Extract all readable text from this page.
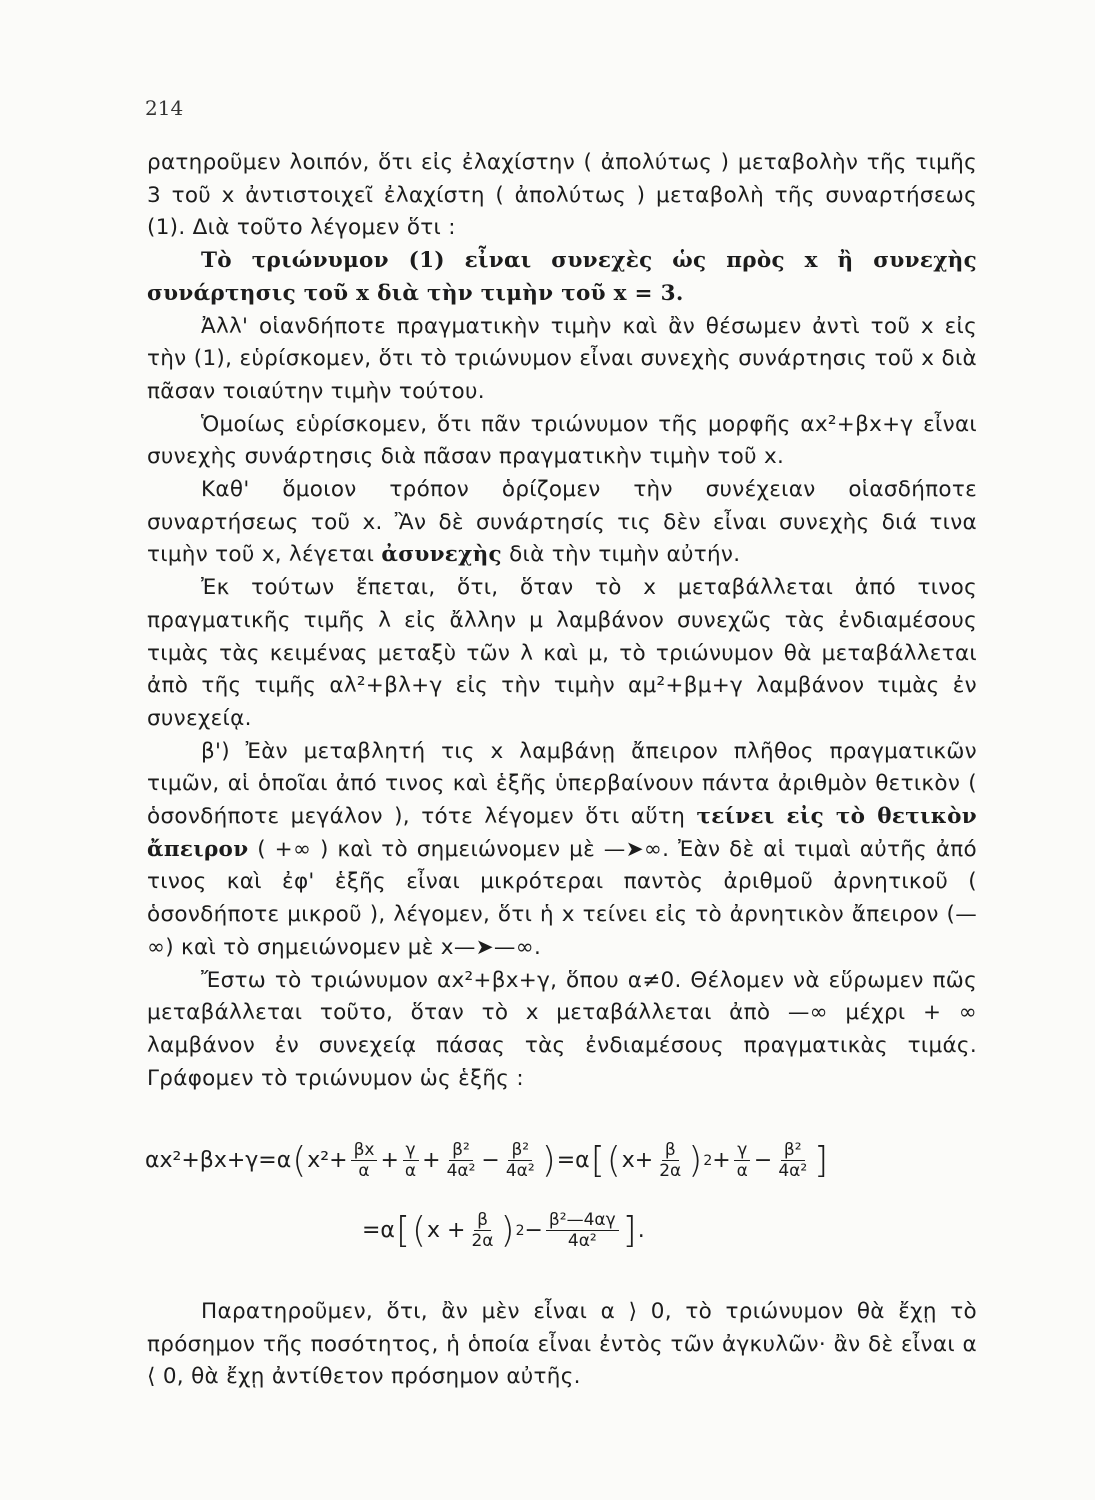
214

ρατηροῦμεν λοιπόν, ὅτι εἰς ἐλαχίστην ( ἀπολύτως ) μεταβολὴν τῆς τιμῆς 3 τοῦ x ἀντιστοιχεῖ ἐλαχίστη ( ἀπολύτως ) μεταβολὴ τῆς συναρτήσεως (1). Διὰ τοῦτο λέγομεν ὅτι :

Τὸ τριώνυμον (1) εἶναι συνεχὲς ὡς πρὸς x ἢ συνεχὴς συνάρτησις τοῦ x διὰ τὴν τιμὴν τοῦ x = 3.

Ἀλλ' οἱανδήποτε πραγματικὴν τιμὴν καὶ ἂν θέσωμεν ἀντὶ τοῦ x εἰς τὴν (1), εὑρίσκομεν, ὅτι τὸ τριώνυμον εἶναι συνεχὴς συνάρτησις τοῦ x διὰ πᾶσαν τοιαύτην τιμὴν τούτου.

Ὁμοίως εὑρίσκομεν, ὅτι πᾶν τριώνυμον τῆς μορφῆς αx²+βx+γ εἶναι συνεχὴς συνάρτησις διὰ πᾶσαν πραγματικὴν τιμὴν τοῦ x.

Καθ' ὅμοιον τρόπον ὁρίζομεν τὴν συνέχειαν οἱασδήποτε συναρτήσεως τοῦ x. Ἂν δὲ συνάρτησίς τις δὲν εἶναι συνεχὴς διά τινα τιμὴν τοῦ x, λέγεται ἀσυνεχὴς διὰ τὴν τιμὴν αὐτήν.

Ἐκ τούτων ἕπεται, ὅτι, ὅταν τὸ x μεταβάλλεται ἀπό τινος πραγματικῆς τιμῆς λ εἰς ἄλλην μ λαμβάνον συνεχῶς τὰς ἐνδιαμέσους τιμὰς τὰς κειμένας μεταξὺ τῶν λ καὶ μ, τὸ τριώνυμον θὰ μεταβάλλεται ἀπὸ τῆς τιμῆς αλ²+βλ+γ εἰς τὴν τιμὴν αμ²+βμ+γ λαμβάνον τιμὰς ἐν συνεχείᾳ.

β') Ἐὰν μεταβλητή τις x λαμβάνῃ ἄπειρον πλῆθος πραγματικῶν τιμῶν, αἱ ὁποῖαι ἀπό τινος καὶ ἑξῆς ὑπερβαίνουν πάντα ἀριθμὸν θετικὸν ( ὁσονδήποτε μεγάλον ), τότε λέγομεν ὅτι αὕτη τείνει εἰς τὸ θετικὸν ἄπειρον ( +∞ ) καὶ τὸ σημειώνομεν μὲ —➤∞. Ἐὰν δὲ αἱ τιμαὶ αὐτῆς ἀπό τινος καὶ ἐφ' ἑξῆς εἶναι μικρότεραι παντὸς ἀριθμοῦ ἀρνητικοῦ ( ὁσονδήποτε μικροῦ ), λέγομεν, ὅτι ἡ x τείνει εἰς τὸ ἀρνητικὸν ἄπειρον (—∞) καὶ τὸ σημειώνομεν μὲ x—➤—∞.

Ἔστω τὸ τριώνυμον αx²+βx+γ, ὅπου α≠0. Θέλομεν νὰ εὕρωμεν πῶς μεταβάλλεται τοῦτο, ὅταν τὸ x μεταβάλλεται ἀπὸ —∞ μέχρι + ∞ λαμβάνον ἐν συνεχείᾳ πάσας τὰς ἐνδιαμέσους πραγματικὰς τιμάς. Γράφομεν τὸ τριώνυμον ὡς ἑξῆς :

αx²+βx+γ=α ( $x^2+ \frac{\beta x}{\alpha} + \frac{\gamma}{\alpha} + \frac{\text{β²}}{\text{4α²}} - \frac{\text{β²}}{\text{4α²}}$ ) =α [ ( $x+ \frac{\beta}{2\alpha}$ ) $2 + \frac{\gamma}{\alpha} - \frac{\text{β²}}{\text{4α²}}$ ]
=α [ ( $x + \frac{\beta}{2\alpha}$ ) $2 - \frac{\text{β²—4αγ}}{\text{4α²}}$ ] .

Παρατηροῦμεν, ὅτι, ἂν μὲν εἶναι α ⟩ 0, τὸ τριώνυμον θὰ ἔχῃ τὸ πρόσημον τῆς ποσότητος, ἡ ὁποία εἶναι ἐντὸς τῶν ἀγκυλῶν· ἂν δὲ εἶναι α ⟨ 0, θὰ ἔχῃ ἀντίθετον πρόσημον αὐτῆς.
